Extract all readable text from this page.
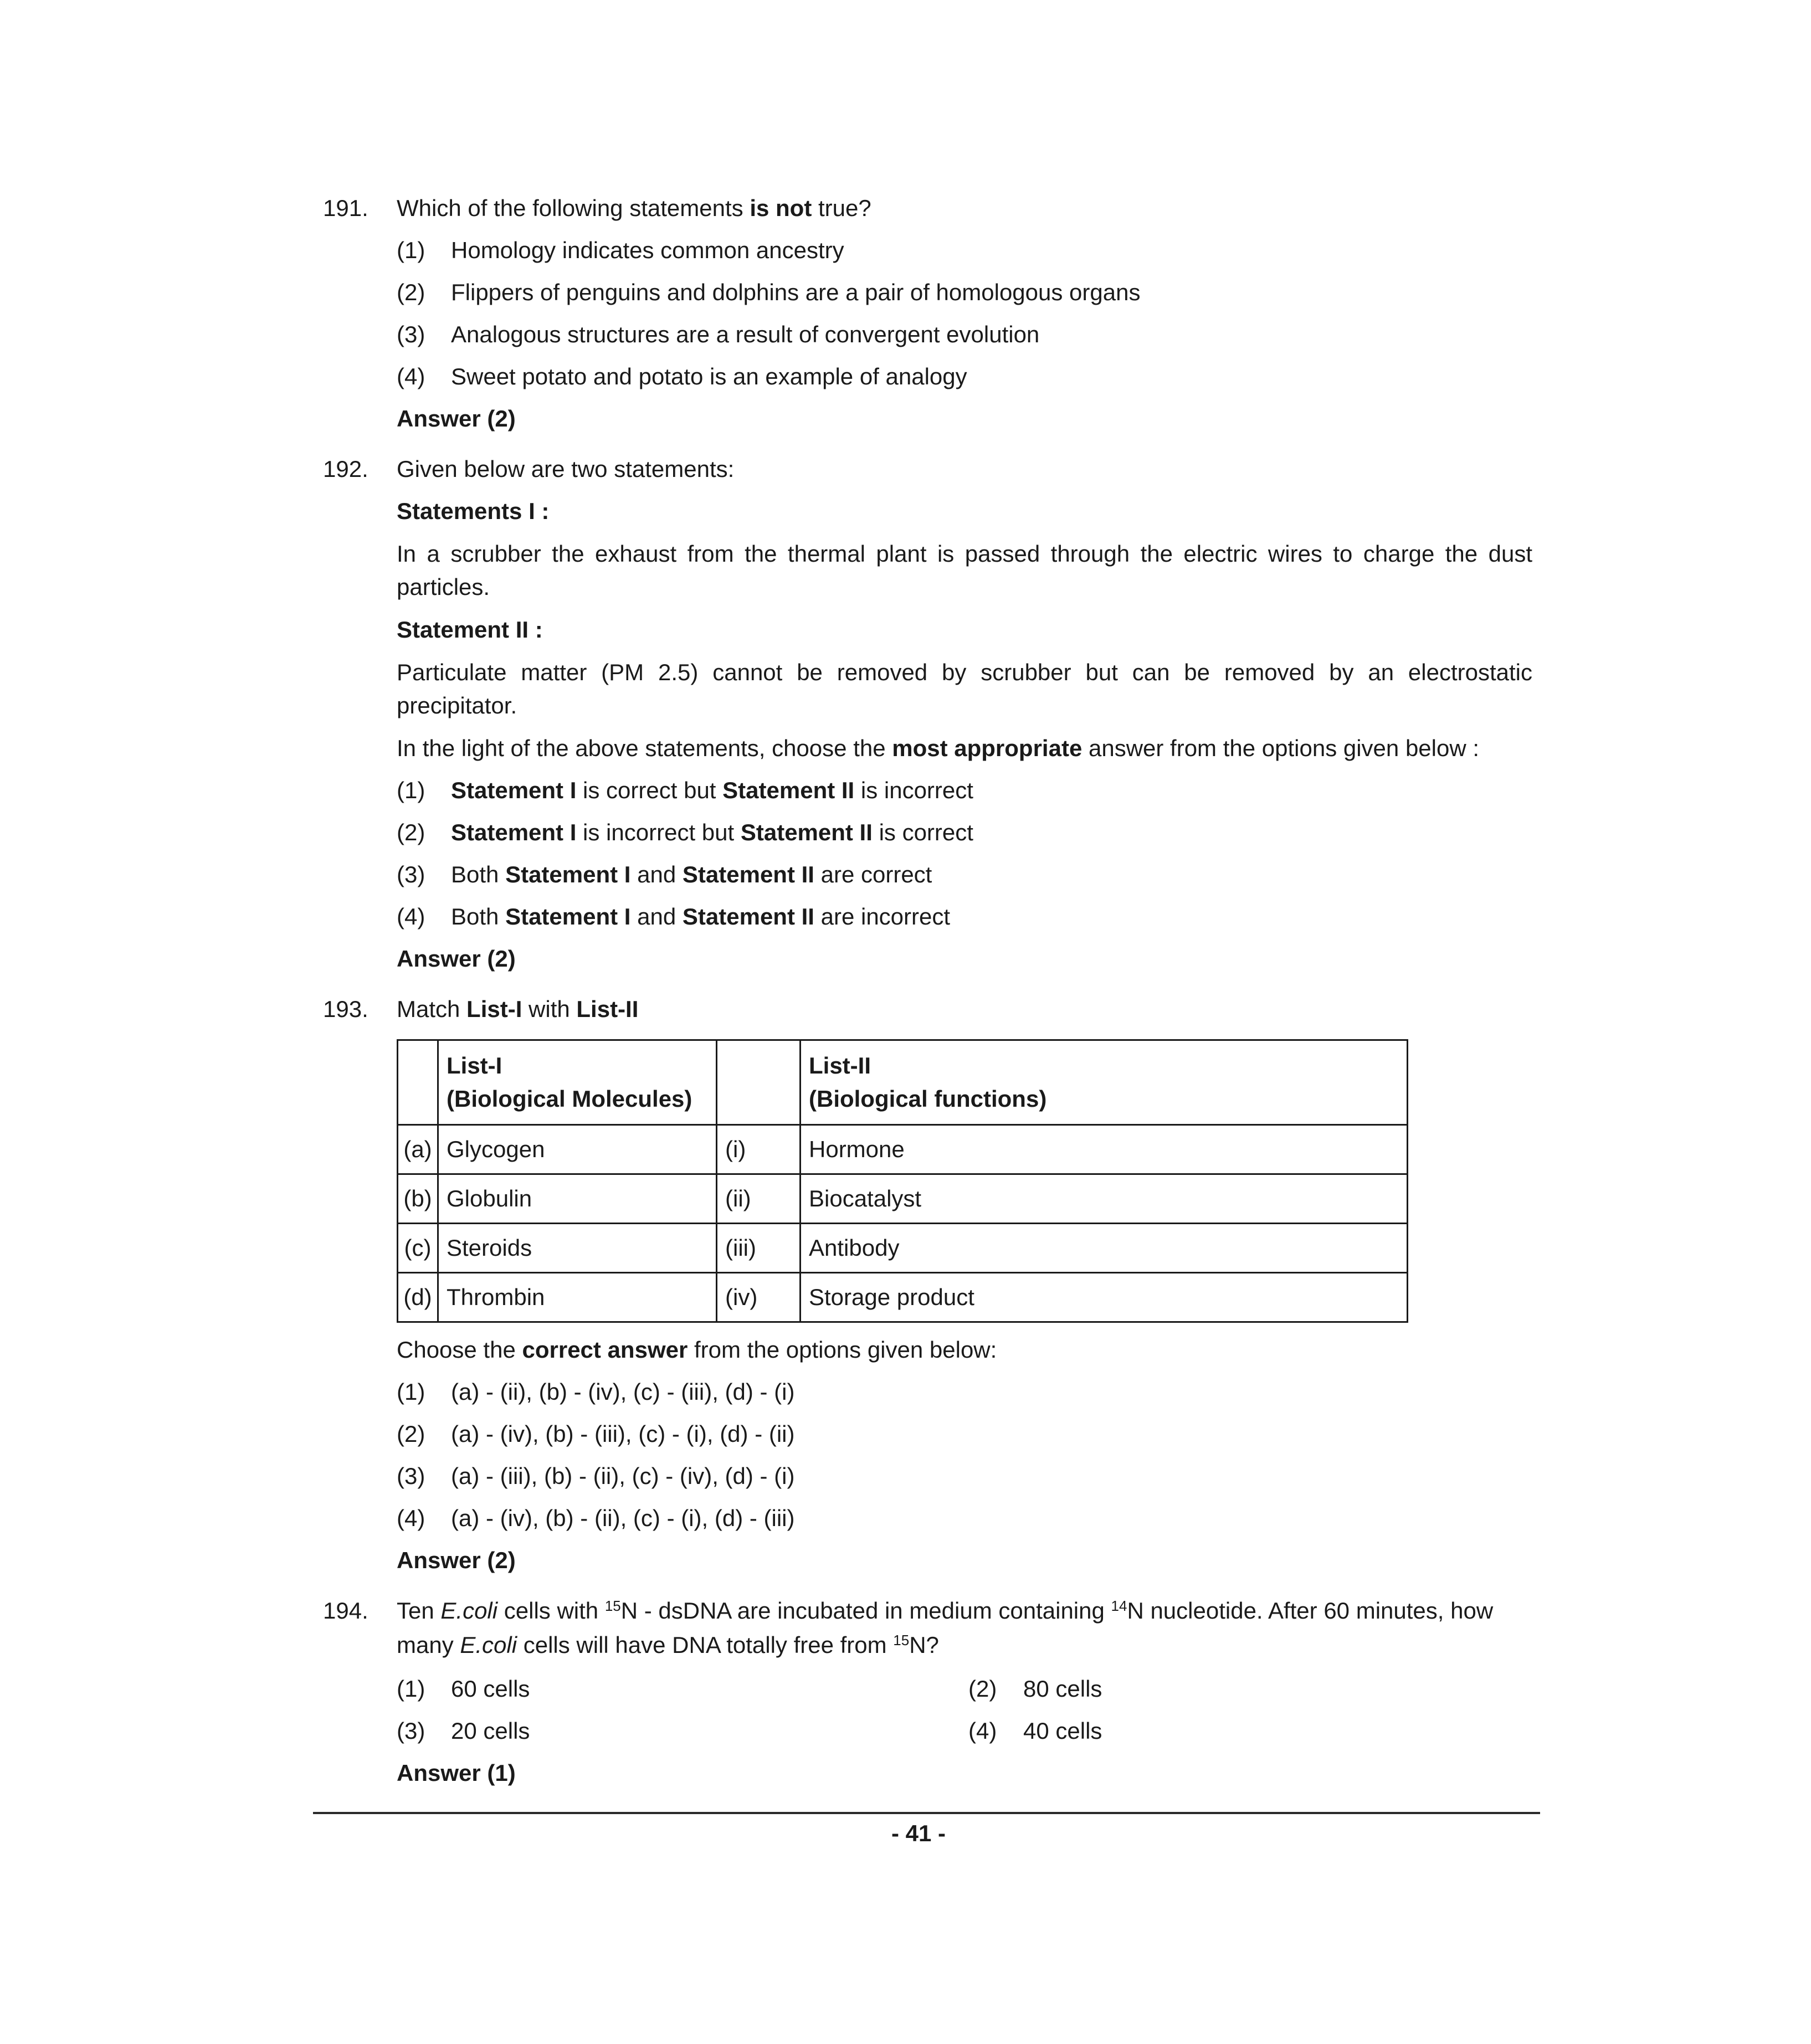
191. Which of the following statements is not true?
(1) Homology indicates common ancestry
(2) Flippers of penguins and dolphins are a pair of homologous organs
(3) Analogous structures are a result of convergent evolution
(4) Sweet potato and potato is an example of analogy
Answer (2)
192. Given below are two statements:
Statements I :
In a scrubber the exhaust from the thermal plant is passed through the electric wires to charge the dust particles.
Statement II :
Particulate matter (PM 2.5) cannot be removed by scrubber but can be removed by an electrostatic precipitator.
In the light of the above statements, choose the most appropriate answer from the options given below :
(1) Statement I is correct but Statement II is incorrect
(2) Statement I is incorrect but Statement II is correct
(3) Both Statement I and Statement II are correct
(4) Both Statement I and Statement II are incorrect
Answer (2)
193. Match List-I with List-II
	List-I
(Biological Molecules)		List-II
(Biological functions)
(a)	Glycogen	(i)	Hormone
(b)	Globulin	(ii)	Biocatalyst
(c)	Steroids	(iii)	Antibody
(d)	Thrombin	(iv)	Storage product
Choose the correct answer from the options given below:
(1) (a) - (ii), (b) - (iv), (c) - (iii), (d) - (i)
(2) (a) - (iv), (b) - (iii), (c) - (i), (d) - (ii)
(3) (a) - (iii), (b) - (ii), (c) - (iv), (d) - (i)
(4) (a) - (iv), (b) - (ii), (c) - (i), (d) - (iii)
Answer (2)
194. Ten E.coli cells with $^{15}$N - dsDNA are incubated in medium containing $^{14}$N nucleotide. After 60 minutes, how
many E.coli cells will have DNA totally free from $^{15}$N?
(1) 60 cells	(2) 80 cells
(3) 20 cells	(4) 40 cells
Answer (1)
- 41 -
